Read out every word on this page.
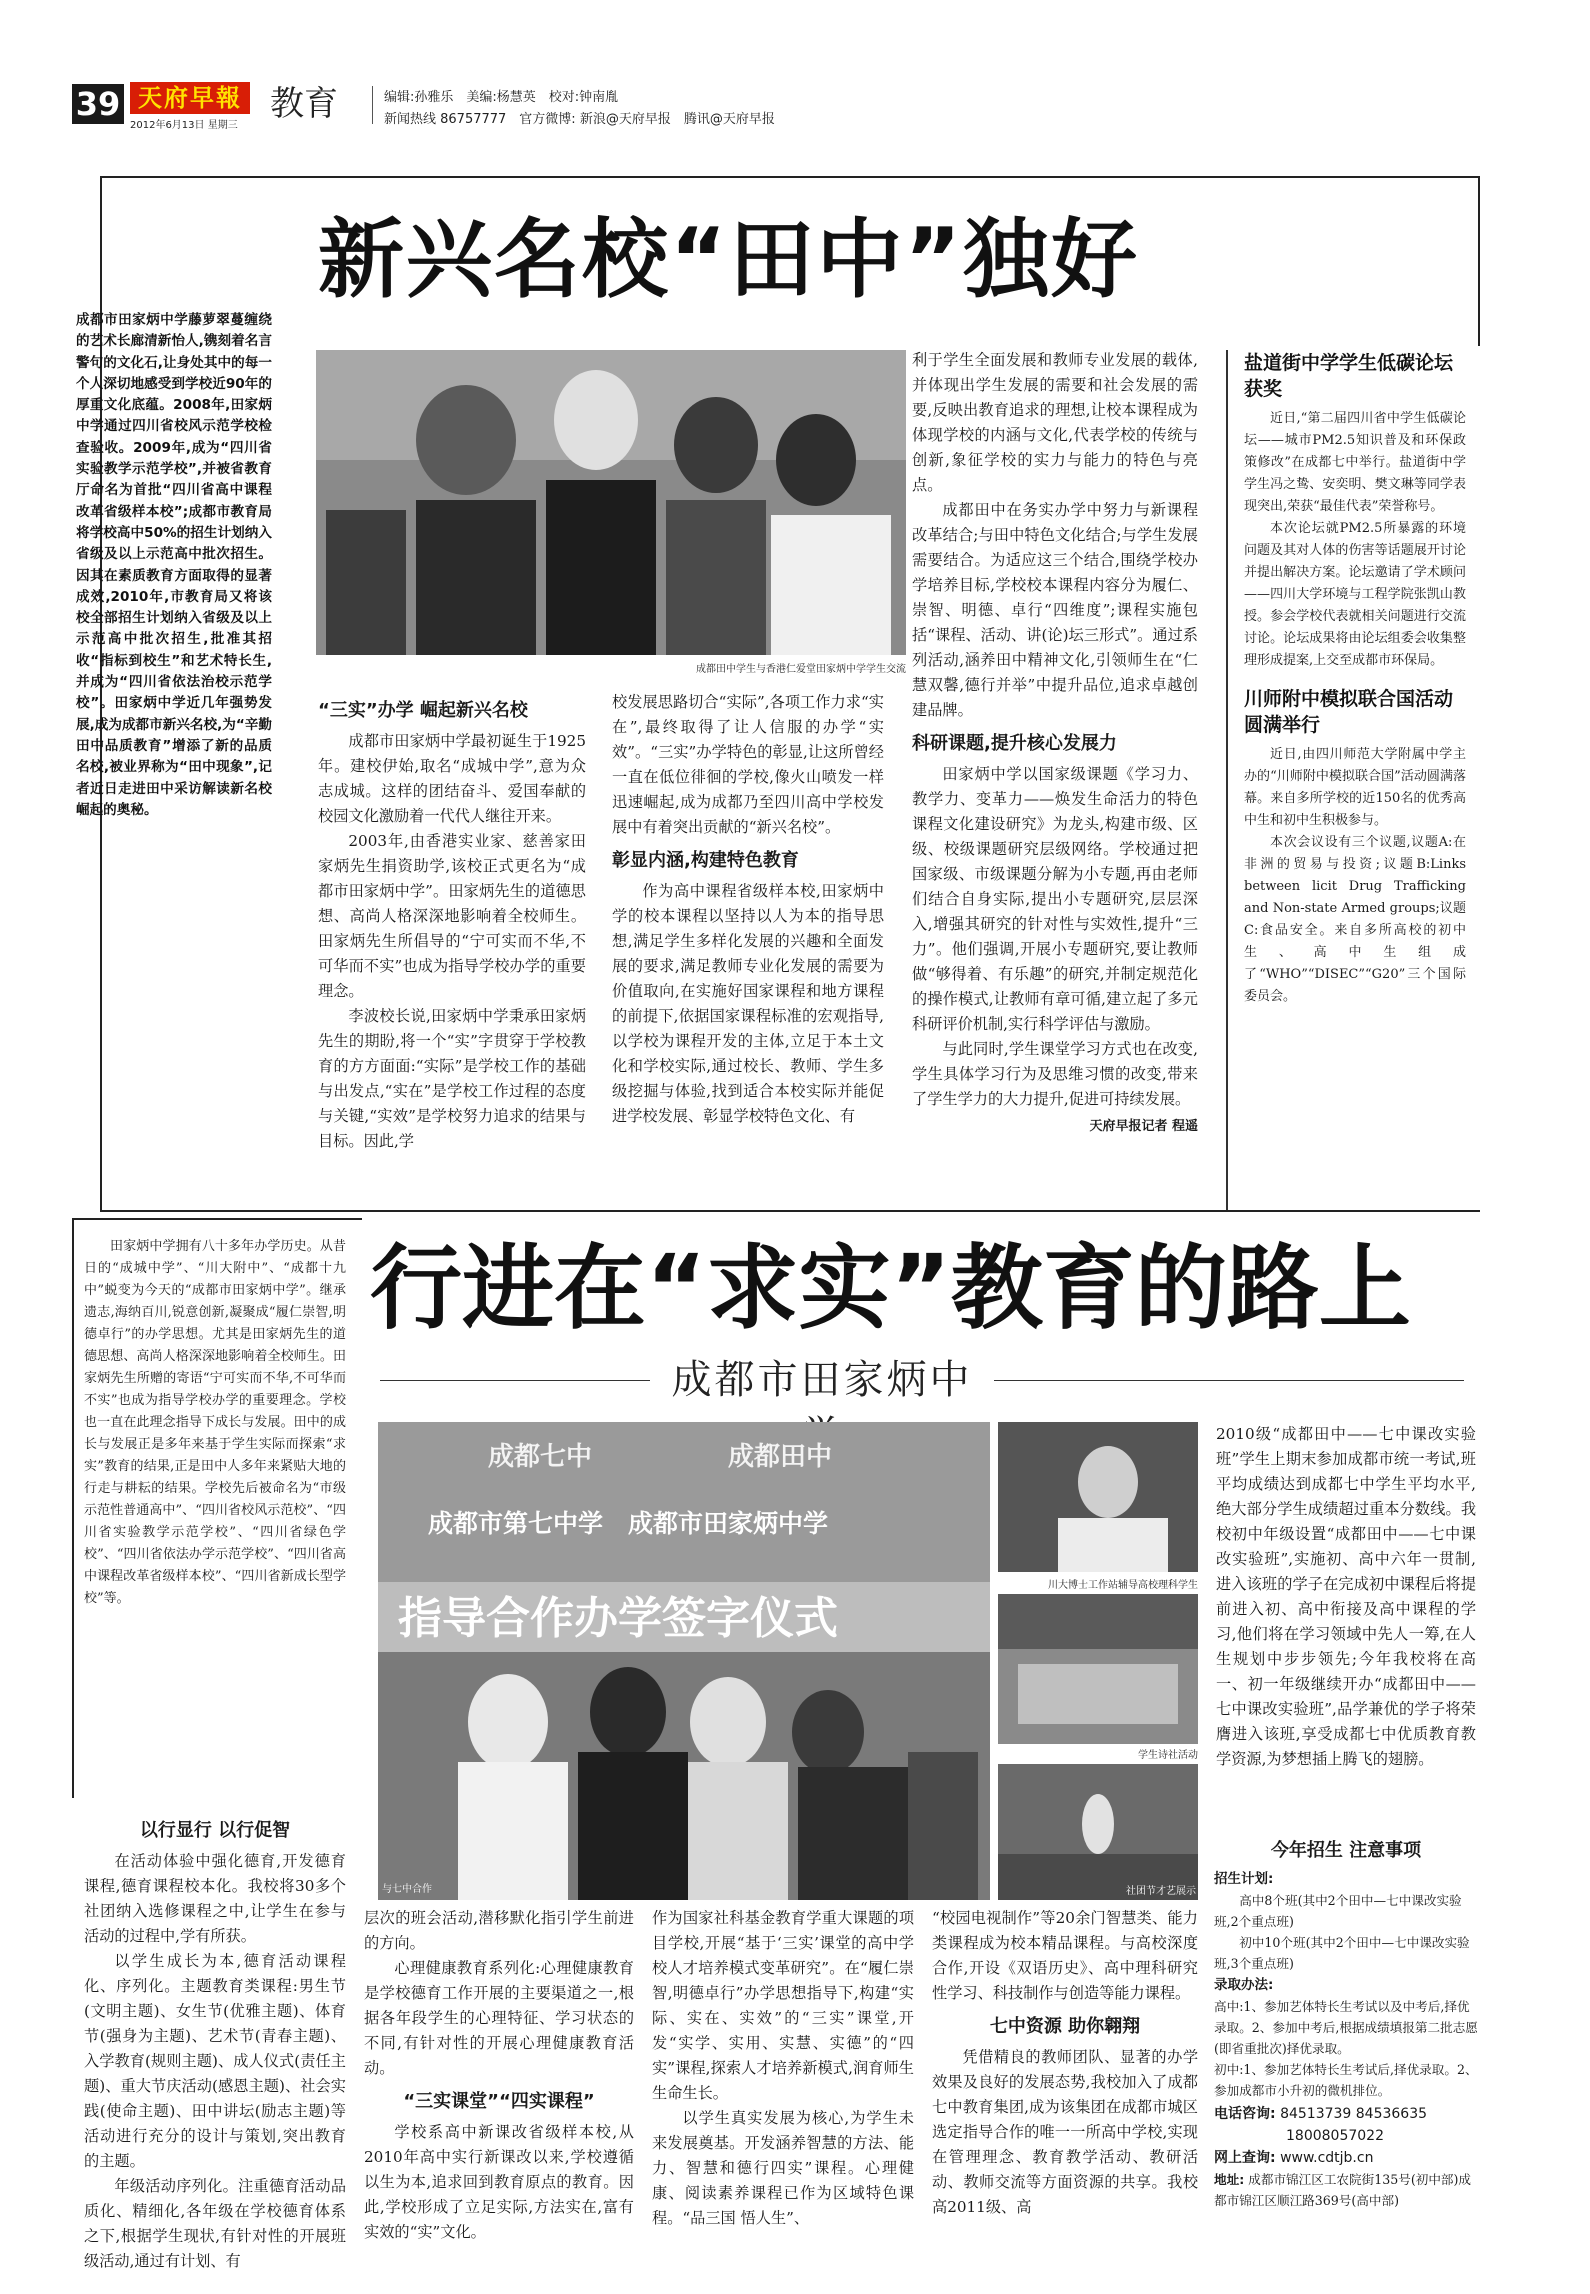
39 天府早報
2012年6月13日 星期三
教育	编辑:孙雅乐　美编:杨慧英　校对:钟南胤
新闻热线 86757777　官方微博: 新浪@天府早报　腾讯@天府早报
新兴名校“田中”独好
成都市田家炳中学藤萝翠蔓缠绕的艺术长廊清新怡人,镌刻着名言警句的文化石,让身处其中的每一个人深切地感受到学校近90年的厚重文化底蕴。2008年,田家炳中学通过四川省校风示范学校检查验收。2009年,成为“四川省实验教学示范学校”,并被省教育厅命名为首批“四川省高中课程改革省级样本校”;成都市教育局将学校高中50%的招生计划纳入省级及以上示范高中批次招生。因其在素质教育方面取得的显著成效,2010年,市教育局又将该校全部招生计划纳入省级及以上示范高中批次招生,批准其招收“指标到校生”和艺术特长生,并成为“四川省依法治校示范学校”。田家炳中学近几年强势发展,成为成都市新兴名校,为“辛勤田中品质教育”增添了新的品质名校,被业界称为“田中现象”,记者近日走进田中采访解读新名校崛起的奥秘。
成都田中学生与香港仁爱堂田家炳中学学生交流
“三实”办学 崛起新兴名校

成都市田家炳中学最初诞生于1925年。建校伊始,取名“成城中学”,意为众志成城。这样的团结奋斗、爱国奉献的校园文化激励着一代代人继往开来。

2003年,由香港实业家、慈善家田家炳先生捐资助学,该校正式更名为“成都市田家炳中学”。田家炳先生的道德思想、高尚人格深深地影响着全校师生。田家炳先生所倡导的“宁可实而不华,不可华而不实”也成为指导学校办学的重要理念。

李波校长说,田家炳中学秉承田家炳先生的期盼,将一个“实”字贯穿于学校教育的方方面面:“实际”是学校工作的基础与出发点,“实在”是学校工作过程的态度与关键,“实效”是学校努力追求的结果与目标。因此,学

校发展思路切合“实际”,各项工作力求“实在”,最终取得了让人信服的办学“实效”。“三实”办学特色的彰显,让这所曾经一直在低位徘徊的学校,像火山喷发一样迅速崛起,成为成都乃至四川高中学校发展中有着突出贡献的“新兴名校”。

彰显内涵,构建特色教育

作为高中课程省级样本校,田家炳中学的校本课程以坚持以人为本的指导思想,满足学生多样化发展的兴趣和全面发展的要求,满足教师专业化发展的需要为价值取向,在实施好国家课程和地方课程的前提下,依据国家课程标准的宏观指导,以学校为课程开发的主体,立足于本土文化和学校实际,通过校长、教师、学生多级挖掘与体验,找到适合本校实际并能促进学校发展、彰显学校特色文化、有

利于学生全面发展和教师专业发展的载体,并体现出学生发展的需要和社会发展的需要,反映出教育追求的理想,让校本课程成为体现学校的内涵与文化,代表学校的传统与创新,象征学校的实力与能力的特色与亮点。

成都田中在务实办学中努力与新课程改革结合;与田中特色文化结合;与学生发展需要结合。为适应这三个结合,围绕学校办学培养目标,学校校本课程内容分为履仁、崇智、明德、卓行“四维度”;课程实施包括“课程、活动、讲(论)坛三形式”。通过系列活动,涵养田中精神文化,引领师生在“仁慧双馨,德行并举”中提升品位,追求卓越创建品牌。

科研课题,提升核心发展力

田家炳中学以国家级课题《学习力、教学力、变革力——焕发生命活力的特色课程文化建设研究》为龙头,构建市级、区级、校级课题研究层级网络。学校通过把国家级、市级课题分解为小专题,再由老师们结合自身实际,提出小专题研究,层层深入,增强其研究的针对性与实效性,提升“三力”。他们强调,开展小专题研究,要让教师做“够得着、有乐趣”的研究,并制定规范化的操作模式,让教师有章可循,建立起了多元科研评价机制,实行科学评估与激励。

与此同时,学生课堂学习方式也在改变,学生具体学习行为及思维习惯的改变,带来了学生学力的大力提升,促进可持续发展。

天府早报记者 程遥
盐道街中学学生低碳论坛获奖
近日,“第二届四川省中学生低碳论坛——城市PM2.5知识普及和环保政策修改”在成都七中举行。盐道街中学学生冯之鸷、安奕明、樊文琳等同学表现突出,荣获“最佳代表”荣誉称号。
本次论坛就PM2.5所暴露的环境问题及其对人体的伤害等话题展开讨论并提出解决方案。论坛邀请了学术顾问——四川大学环境与工程学院张凯山教授。参会学校代表就相关问题进行交流讨论。论坛成果将由论坛组委会收集整理形成提案,上交至成都市环保局。
川师附中模拟联合国活动圆满举行
近日,由四川师范大学附属中学主办的“川师附中模拟联合国”活动圆满落幕。来自多所学校的近150名的优秀高中生和初中生积极参与。
本次会议设有三个议题,议题A:在非洲的贸易与投资;议题B:Links between licit Drug Trafficking and Non-state Armed groups;议题C:食品安全。来自多所高校的初中生、高中生组成了“WHO”“DISEC”“G20”三个国际委员会。
行进在“求实”教育的路上
成都市田家炳中
田家炳中学拥有八十多年办学历史。从昔日的“成城中学”、“川大附中”、“成都十九中”蜕变为今天的“成都市田家炳中学”。继承遗志,海纳百川,锐意创新,凝聚成“履仁崇智,明德卓行”的办学思想。尤其是田家炳先生的道德思想、高尚人格深深地影响着全校师生。田家炳先生所赠的寄语“宁可实而不华,不可华而不实”也成为指导学校办学的重要理念。学校也一直在此理念指导下成长与发展。田中的成长与发展正是多年来基于学生实际而探索“求实”教育的结果,正是田中人多年来紧贴大地的行走与耕耘的结果。学校先后被命名为“市级示范性普通高中”、“四川省校风示范校”、“四川省实验教学示范学校”、“四川省绿色学校”、“四川省依法办学示范学校”、“四川省高中课程改革省级样本校”、“四川省新成长型学校”等。
以行显行 以行促智

在活动体验中强化德育,开发德育课程,德育课程校本化。我校将30多个社团纳入选修课程之中,让学生在参与活动的过程中,学有所获。

以学生成长为本,德育活动课程化、序列化。主题教育类课程:男生节(文明主题)、女生节(优雅主题)、体育节(强身为主题)、艺术节(青春主题)、入学教育(规则主题)、成人仪式(责任主题)、重大节庆活动(感恩主题)、社会实践(使命主题)、田中讲坛(励志主题)等活动进行充分的设计与策划,突出教育的主题。

年级活动序列化。注重德育活动品质化、精细化,各年级在学校德育体系之下,根据学生现状,有针对性的开展班级活动,通过有计划、有

成都七中	成都田中
成都市第七中学　成都市田家炳中学
指导合作办学签字仪式
与七中合作
川大博士工作站辅导高校理科学生
学生诗社活动
社团节才艺展示

层次的班会活动,潜移默化指引学生前进的方向。

心理健康教育系列化:心理健康教育是学校德育工作开展的主要渠道之一,根据各年段学生的心理特征、学习状态的不同,有针对性的开展心理健康教育活动。

“三实课堂”“四实课程”

学校系高中新课改省级样本校,从2010年高中实行新课改以来,学校遵循以生为本,追求回到教育原点的教育。因此,学校形成了立足实际,方法实在,富有实效的“实”文化。

作为国家社科基金教育学重大课题的项目学校,开展“基于‘三实’课堂的高中学校人才培养模式变革研究”。在“履仁崇智,明德卓行”办学思想指导下,构建“实际、实在、实效”的“三实”课堂,开发“实学、实用、实慧、实德”的“四实”课程,探索人才培养新模式,润育师生生命生长。

以学生真实发展为核心,为学生未来发展奠基。开发涵养智慧的方法、能力、智慧和德行四实”课程。心理健康、阅读素养课程已作为区域特色课程。“品三国 悟人生”、

“校园电视制作”等20余门智慧类、能力类课程成为校本精品课程。与高校深度合作,开设《双语历史》、高中理科研究性学习、科技制作与创造等能力课程。

七中资源 助你翱翔

凭借精良的教师团队、显著的办学效果及良好的发展态势,我校加入了成都七中教育集团,成为该集团在成都市城区选定指导合作的唯一一所高中学校,实现在管理理念、教育教学活动、教研活动、教师交流等方面资源的共享。我校高2011级、高

2010级“成都田中——七中课改实验班”学生上期末参加成都市统一考试,班平均成绩达到成都七中学生平均水平,绝大部分学生成绩超过重本分数线。我校初中年级设置“成都田中——七中课改实验班”,实施初、高中六年一贯制,进入该班的学子在完成初中课程后将提前进入初、高中衔接及高中课程的学习,他们将在学习领域中先人一筹,在人生规划中步步领先;今年我校将在高一、初一年级继续开办“成都田中——七中课改实验班”,品学兼优的学子将荣膺进入该班,享受成都七中优质教育教学资源,为梦想插上腾飞的翅膀。

今年招生 注意事项
招生计划:
高中8个班(其中2个田中—七中课改实验班,2个重点班)
初中10个班(其中2个田中—七中课改实验班,3个重点班)
录取办法:
高中:1、参加艺体特长生考试以及中考后,择优录取。2、参加中考后,根据成绩填报第二批志愿(即省重批次)择优录取。
初中:1、参加艺体特长生考试后,择优录取。2、参加成都市小升初的微机排位。
电话咨询: 84513739 84536635
18008057022
网上查询: www.cdtjb.cn
地址: 成都市锦江区工农院街135号(初中部)成都市锦江区顺江路369号(高中部)
